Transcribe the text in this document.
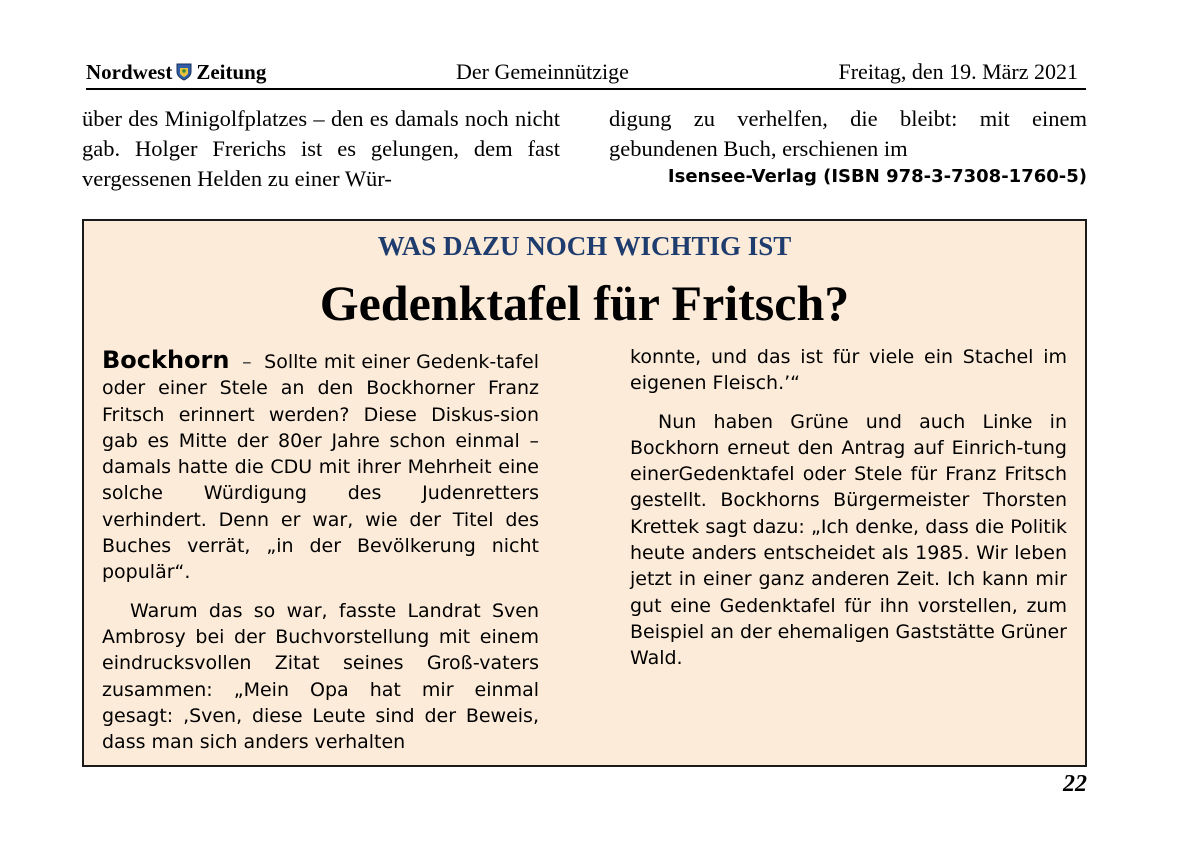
Nordwest Zeitung	Der Gemeinnützige	Freitag, den 19. März 2021

über des Minigolfplatzes – den es damals noch nicht gab. Holger Frerichs ist es gelungen, dem fast vergessenen Helden zu einer Wür-

digung zu verhelfen, die bleibt: mit einem

gebundenen Buch, erschienen im

Isensee-Verlag (ISBN 978-3-7308-1760-5)
WAS DAZU NOCH WICHTIG IST
Gedenktafel für Fritsch?

Bockhorn – Sollte mit einer Gedenk-tafel oder einer Stele an den Bockhorner Franz Fritsch erinnert werden? Diese Diskus-sion gab es Mitte der 80er Jahre schon einmal – damals hatte die CDU mit ihrer Mehrheit eine solche Würdigung des Judenretters verhindert. Denn er war, wie der Titel des Buches verrät, „in der Bevölkerung nicht populär“.

Warum das so war, fasste Landrat Sven Ambrosy bei der Buchvorstellung mit einem eindrucksvollen Zitat seines Groß-vaters zusammen: „Mein Opa hat mir einmal gesagt: ‚Sven, diese Leute sind der Beweis, dass man sich anders verhalten

konnte, und das ist für viele ein Stachel im eigenen Fleisch.’“

Nun haben Grüne und auch Linke in Bockhorn erneut den Antrag auf Einrich-tung einerGedenktafel oder Stele für Franz Fritsch gestellt. Bockhorns Bürgermeister Thorsten Krettek sagt dazu: „Ich denke, dass die Politik heute anders entscheidet als 1985. Wir leben jetzt in einer ganz anderen Zeit. Ich kann mir gut eine Gedenktafel für ihn vorstellen, zum Beispiel an der ehemaligen Gaststätte Grüner Wald.

22
